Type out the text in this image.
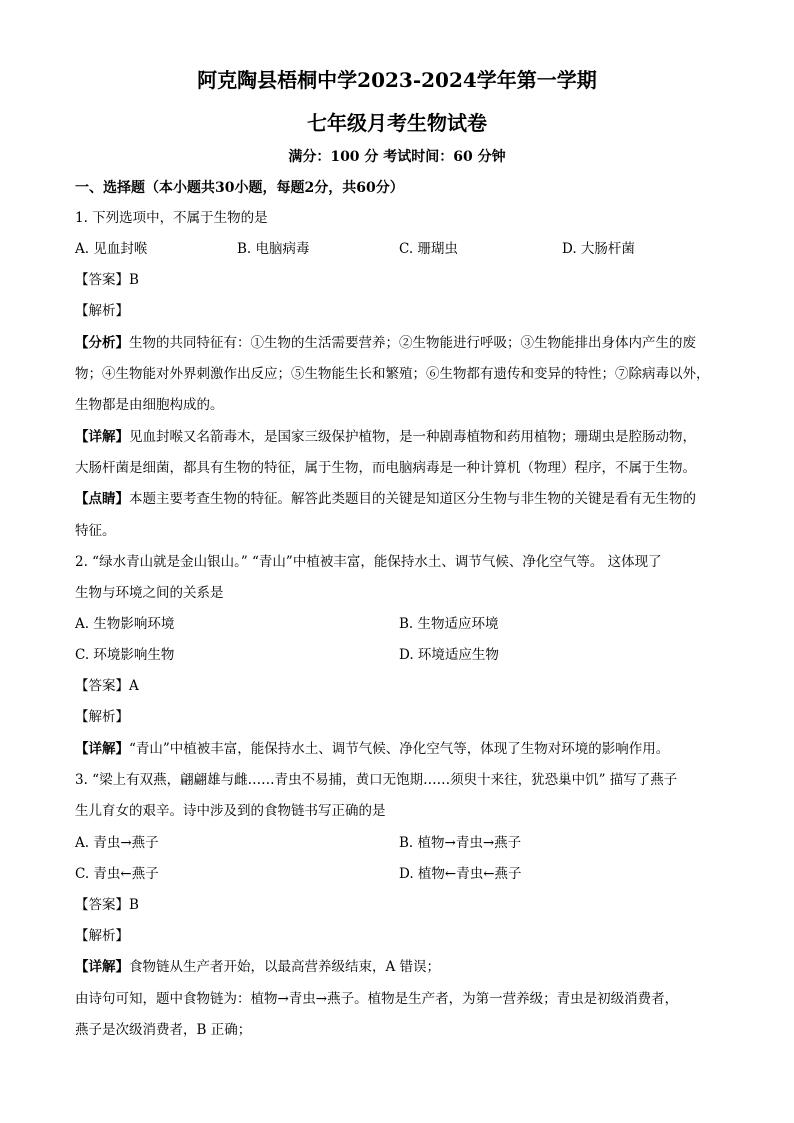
阿克陶县梧桐中学2023-2024学年第一学期
七年级月考生物试卷
满分：100 分 考试时间：60 分钟
一、选择题（本小题共30小题，每题2分，共60分）
1. 下列选项中，不属于生物的是
A. 见血封喉	B. 电脑病毒	C. 珊瑚虫	D. 大肠杆菌
【答案】B
【解析】
【分析】生物的共同特征有：①生物的生活需要营养；②生物能进行呼吸；③生物能排出身体内产生的废
物；④生物能对外界刺激作出反应；⑤生物能生长和繁殖；⑥生物都有遗传和变异的特性；⑦除病毒以外，
生物都是由细胞构成的。
【详解】见血封喉又名箭毒木，是国家三级保护植物，是一种剧毒植物和药用植物；珊瑚虫是腔肠动物，
大肠杆菌是细菌，都具有生物的特征，属于生物，而电脑病毒是一种计算机（物理）程序，不属于生物。
【点睛】本题主要考查生物的特征。解答此类题目的关键是知道区分生物与非生物的关键是看有无生物的
特征。
2. “绿水青山就是金山银山。” “青山”中植被丰富，能保持水土、调节气候、净化空气等。 这体现了
生物与环境之间的关系是
A. 生物影响环境	B. 生物适应环境
C. 环境影响生物	D. 环境适应生物
【答案】A
【解析】
【详解】“青山”中植被丰富，能保持水土、调节气候、净化空气等，体现了生物对环境的影响作用。
3. “梁上有双燕，翩翩雄与雌……青虫不易捕，黄口无饱期……须臾十来往，犹恐巢中饥” 描写了燕子
生儿育女的艰辛。诗中涉及到的食物链书写正确的是
A. 青虫→燕子	B. 植物→青虫→燕子
C. 青虫←燕子	D. 植物←青虫←燕子
【答案】B
【解析】
【详解】食物链从生产者开始，以最高营养级结束，A 错误；
由诗句可知，题中食物链为：植物→青虫→燕子。植物是生产者，为第一营养级；青虫是初级消费者，
燕子是次级消费者，B 正确；
